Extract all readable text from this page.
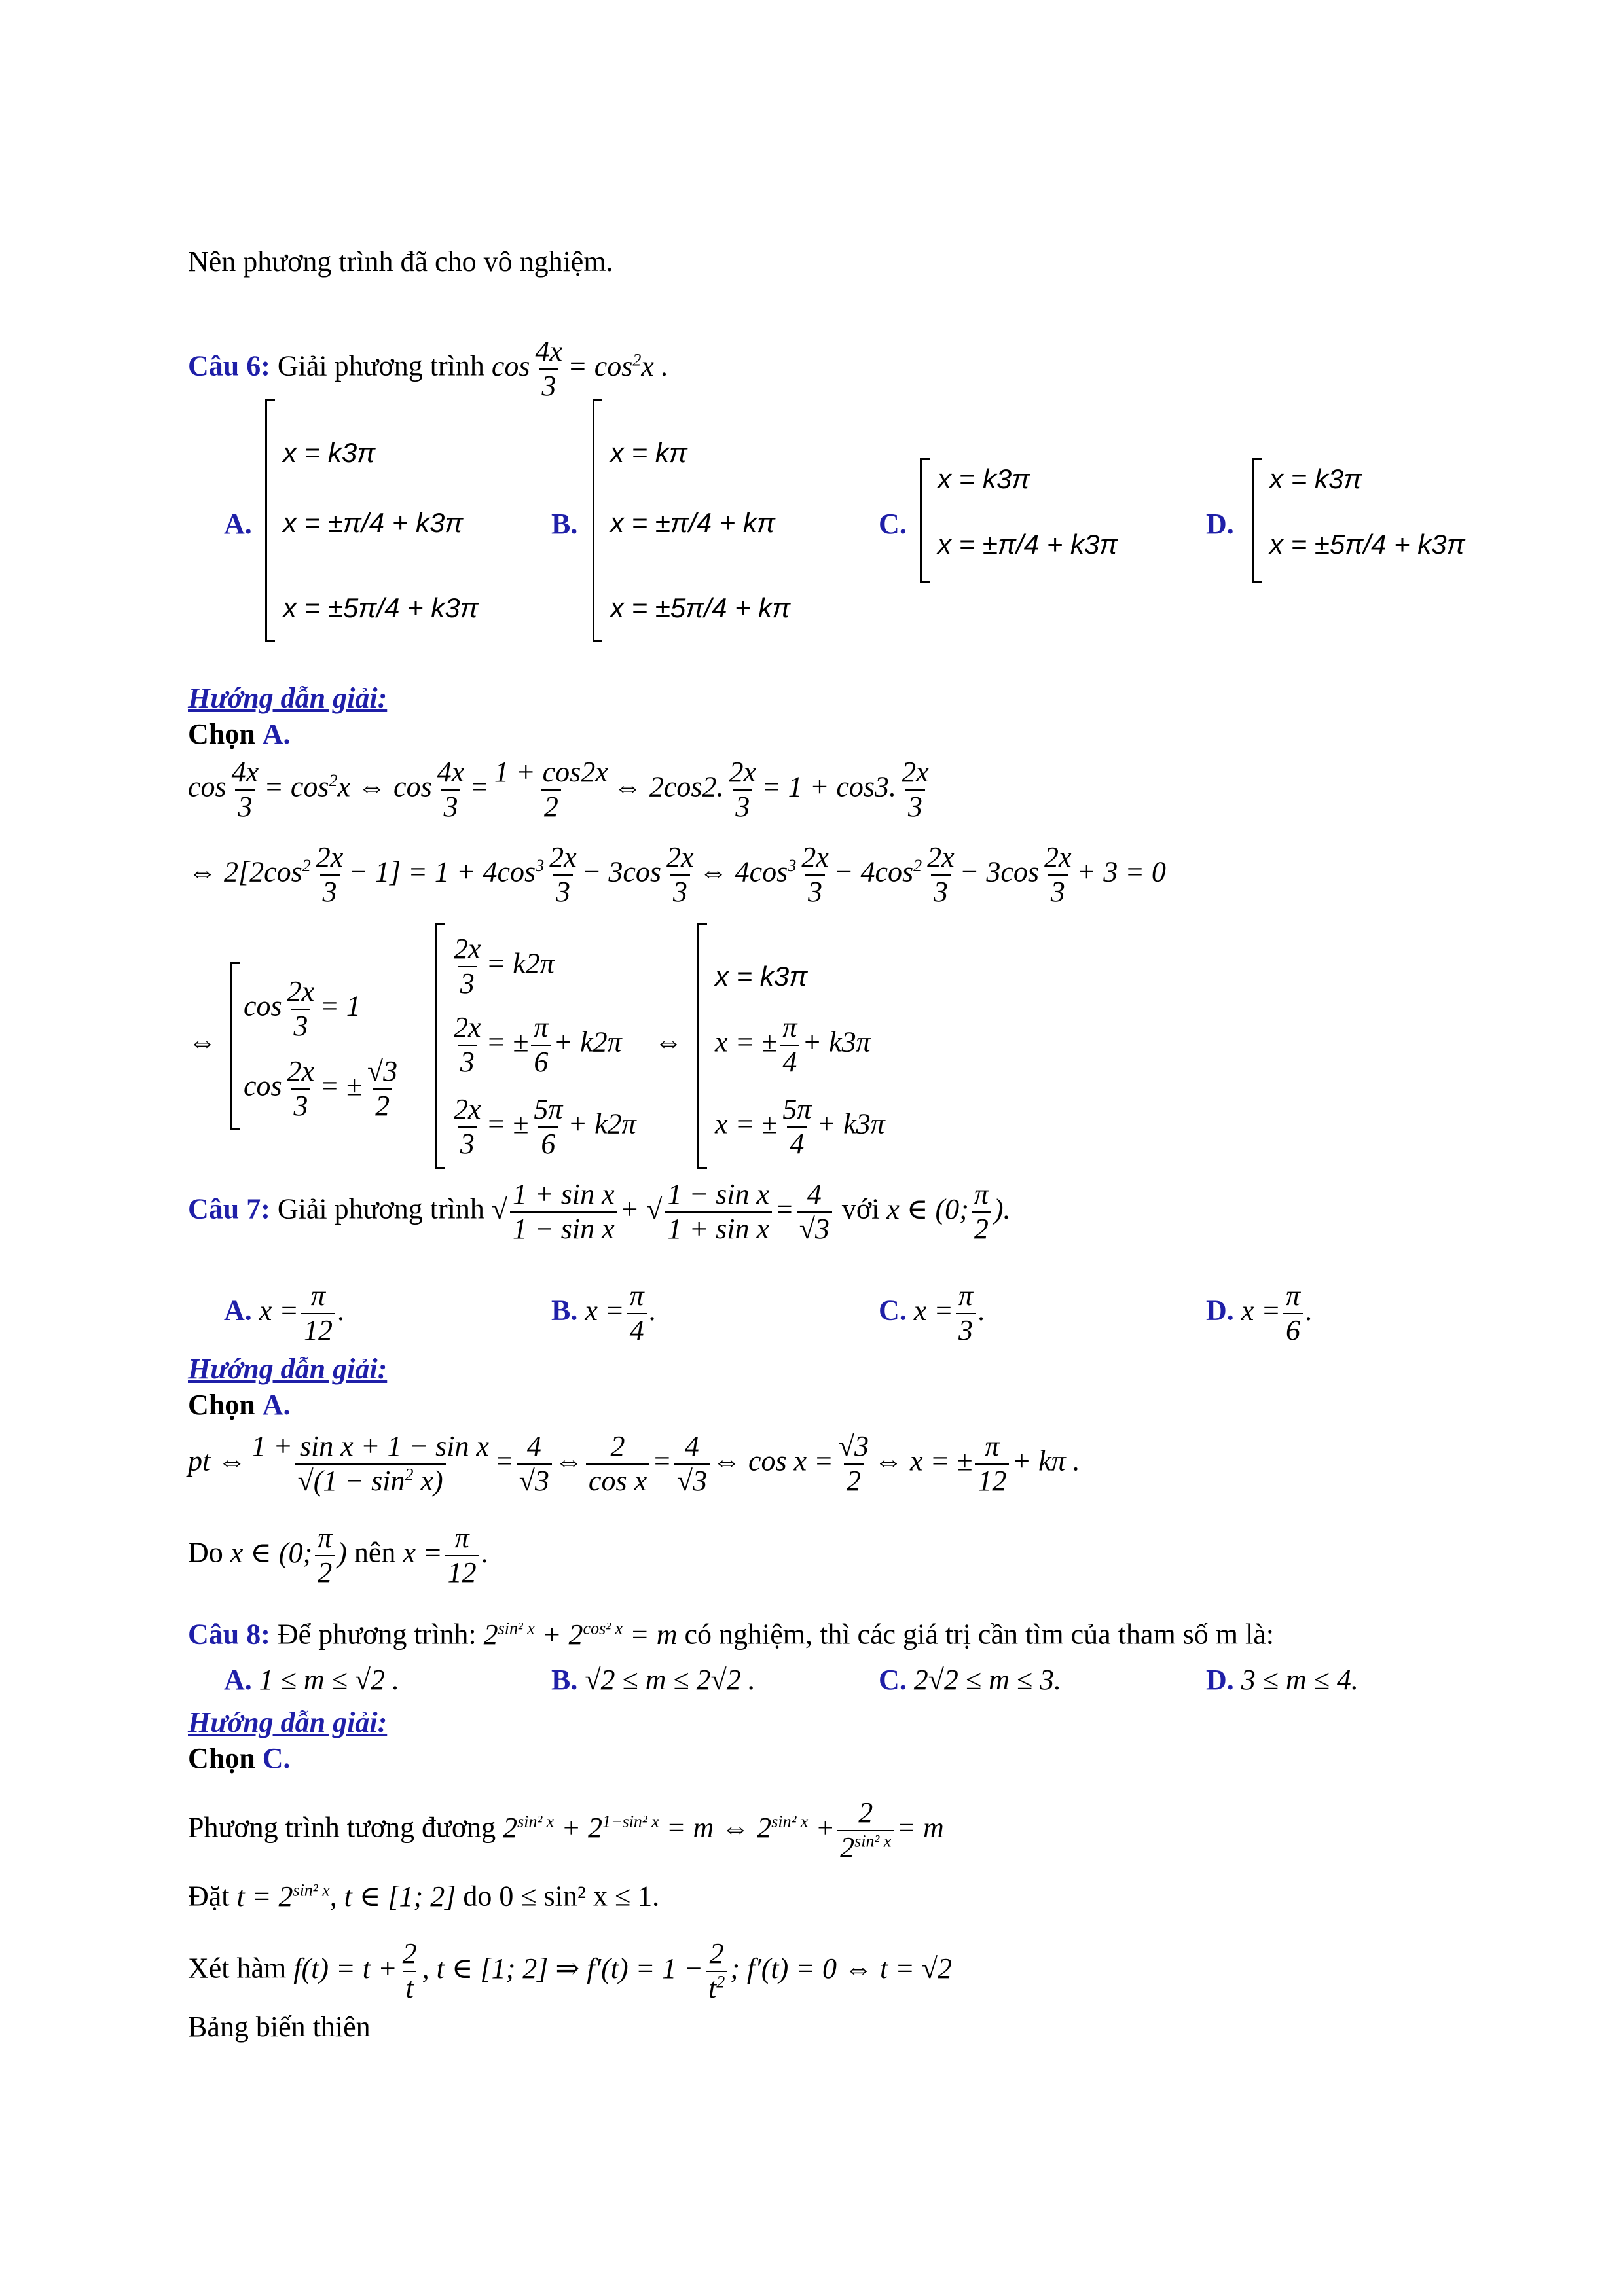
Nên phương trình đã cho vô nghiệm.
Câu 6: Giải phương trình $\cos \frac{4x}{3} = \cos^2x$ .
A.
x = k3π
x = ±π/4 + k3π
x = ±5π/4 + k3π
B.
x = kπ
x = ±π/4 + kπ
x = ±5π/4 + kπ
C.
x = k3π
x = ±π/4 + k3π
D.
x = k3π
x = ±5π/4 + k3π
Hướng dẫn giải:
Chọn A.
$\cos \frac{4x}{3} = \cos^2x$ ⇔ $\cos \frac{4x}{3} = \frac{1 + \cos 2x}{2}$ ⇔ 2cos2. $\frac{2x}{3} = 1 + \cos 3$. $\frac{2x}{3}$
⇔ $2[2\cos^2 \frac{2x}{3} - 1] = 1 + 4\cos^3 \frac{2x}{3} - 3\cos \frac{2x}{3}$ ⇔ $4\cos^3 \frac{2x}{3} - 4\cos^2 \frac{2x}{3} - 3\cos \frac{2x}{3} + 3 = 0$
⇔
$\cos \frac{2x}{3} = 1$
$\cos \frac{2x}{3}$ = ± $\frac{√3}{2}$
$\frac{2x}{3} = k2\pi$
$\frac{2x}{3}$ = ± $\frac{\pi}{6} + k2\pi$
$\frac{2x}{3}$ = ± $\frac{5\pi}{6} + k2\pi$
⇔
x = k3π
x = ± $\frac{\pi}{4} + k3\pi$
x = ± $\frac{5\pi}{4} + k3\pi$
Câu 7: Giải phương trình √ $\frac{\text{1 + sin x}}{\text{1 − sin x}}$ + √ $\frac{\text{1 − sin x}}{\text{1 + sin x}} = \frac{4}{√3}$ với x ∈ (0; $\frac{\pi}{2}$ ).
A. $x = \frac{\pi}{12}$ .	B. $x = \frac{\pi}{4}$ .	C. $x = \frac{\pi}{3}$ .	D. $x = \frac{\pi}{6}$ .
Hướng dẫn giải:
Chọn A.
pt ⇔ $\frac{\text{1 + sin x + 1 − sin x}}{√(1 - \sin^2 x)} = \frac{4}{√3}$ ⇔ $\frac{2}{\text{cos x}} = \frac{4}{√3}$ ⇔ $\cos x = \frac{√3}{2}$ ⇔ x = ± $\frac{\pi}{12} + k\pi$ .
Do x ∈ (0; $\frac{\pi}{2}$ ) nên $x = \frac{\pi}{12}$ .
Câu 8: Để phương trình: $2^{sin^2 x} + 2^{cos^2 x} = m$ có nghiệm, thì các giá trị cần tìm của tham số m là:
A. 1 ≤ m ≤ √2 .	B. √2 ≤ m ≤ 2√2 .	C. 2√2 ≤ m ≤ 3.	D. 3 ≤ m ≤ 4.
Hướng dẫn giải:
Chọn C.
Phương trình tương đương $2^{sin^2 x} + 2^{1-sin^2 x} = m$ ⇔ $2^{sin^2 x} + \frac{2}{2^{sin^2 x}} = m$
Đặt $t = 2^{sin^2 x}$, t ∈ [1; 2] do 0 ≤ sin² x ≤ 1.
Xét hàm $f(t) = t + \frac{2}{t}$ , t ∈ [1; 2] ⇒ $f'(t) = 1 - \frac{2}{t^2}$ ; f′(t) = 0 ⇔ t = √2
Bảng biến thiên
